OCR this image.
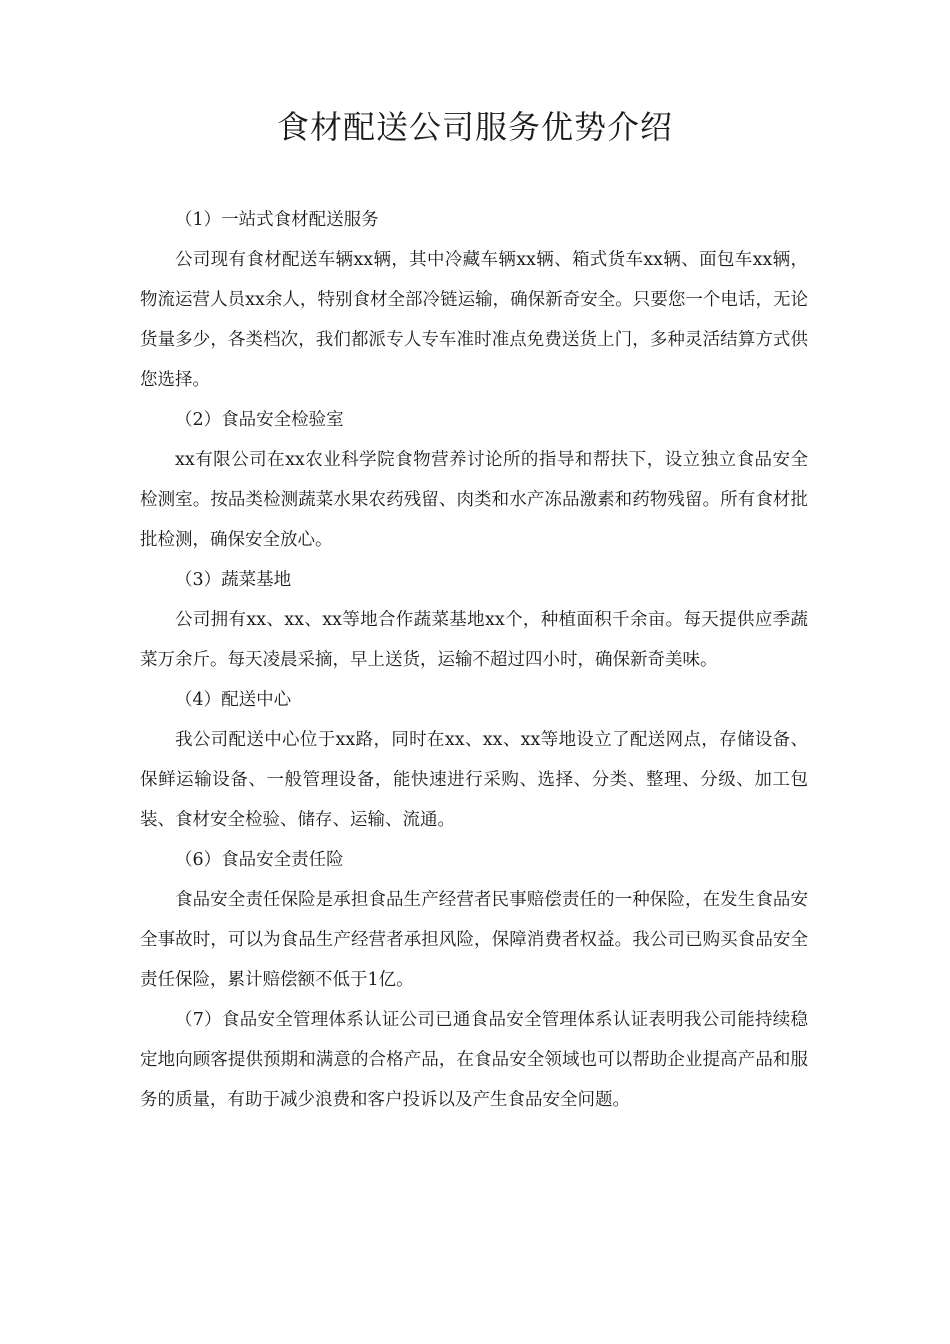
食材配送公司服务优势介绍

（1）一站式食材配送服务

公司现有食材配送车辆xx辆，其中冷藏车辆xx辆、箱式货车xx辆、面包车xx辆，物流运营人员xx余人，特别食材全部冷链运输，确保新奇安全。只要您一个电话，无论货量多少，各类档次，我们都派专人专车准时准点免费送货上门，多种灵活结算方式供您选择。

（2）食品安全检验室

xx有限公司在xx农业科学院食物营养讨论所的指导和帮扶下，设立独立食品安全检测室。按品类检测蔬菜水果农药残留、肉类和水产冻品激素和药物残留。所有食材批批检测，确保安全放心。

（3）蔬菜基地

公司拥有xx、xx、xx等地合作蔬菜基地xx个，种植面积千余亩。每天提供应季蔬菜万余斤。每天凌晨采摘，早上送货，运输不超过四小时，确保新奇美味。

（4）配送中心

我公司配送中心位于xx路，同时在xx、xx、xx等地设立了配送网点，存储设备、保鲜运输设备、一般管理设备，能快速进行采购、选择、分类、整理、分级、加工包装、食材安全检验、储存、运输、流通。

（6）食品安全责任险

食品安全责任保险是承担食品生产经营者民事赔偿责任的一种保险，在发生食品安全事故时，可以为食品生产经营者承担风险，保障消费者权益。我公司已购买食品安全责任保险，累计赔偿额不低于1亿。

（7）食品安全管理体系认证公司已通食品安全管理体系认证表明我公司能持续稳定地向顾客提供预期和满意的合格产品，在食品安全领域也可以帮助企业提高产品和服务的质量，有助于减少浪费和客户投诉以及产生食品安全问题。
